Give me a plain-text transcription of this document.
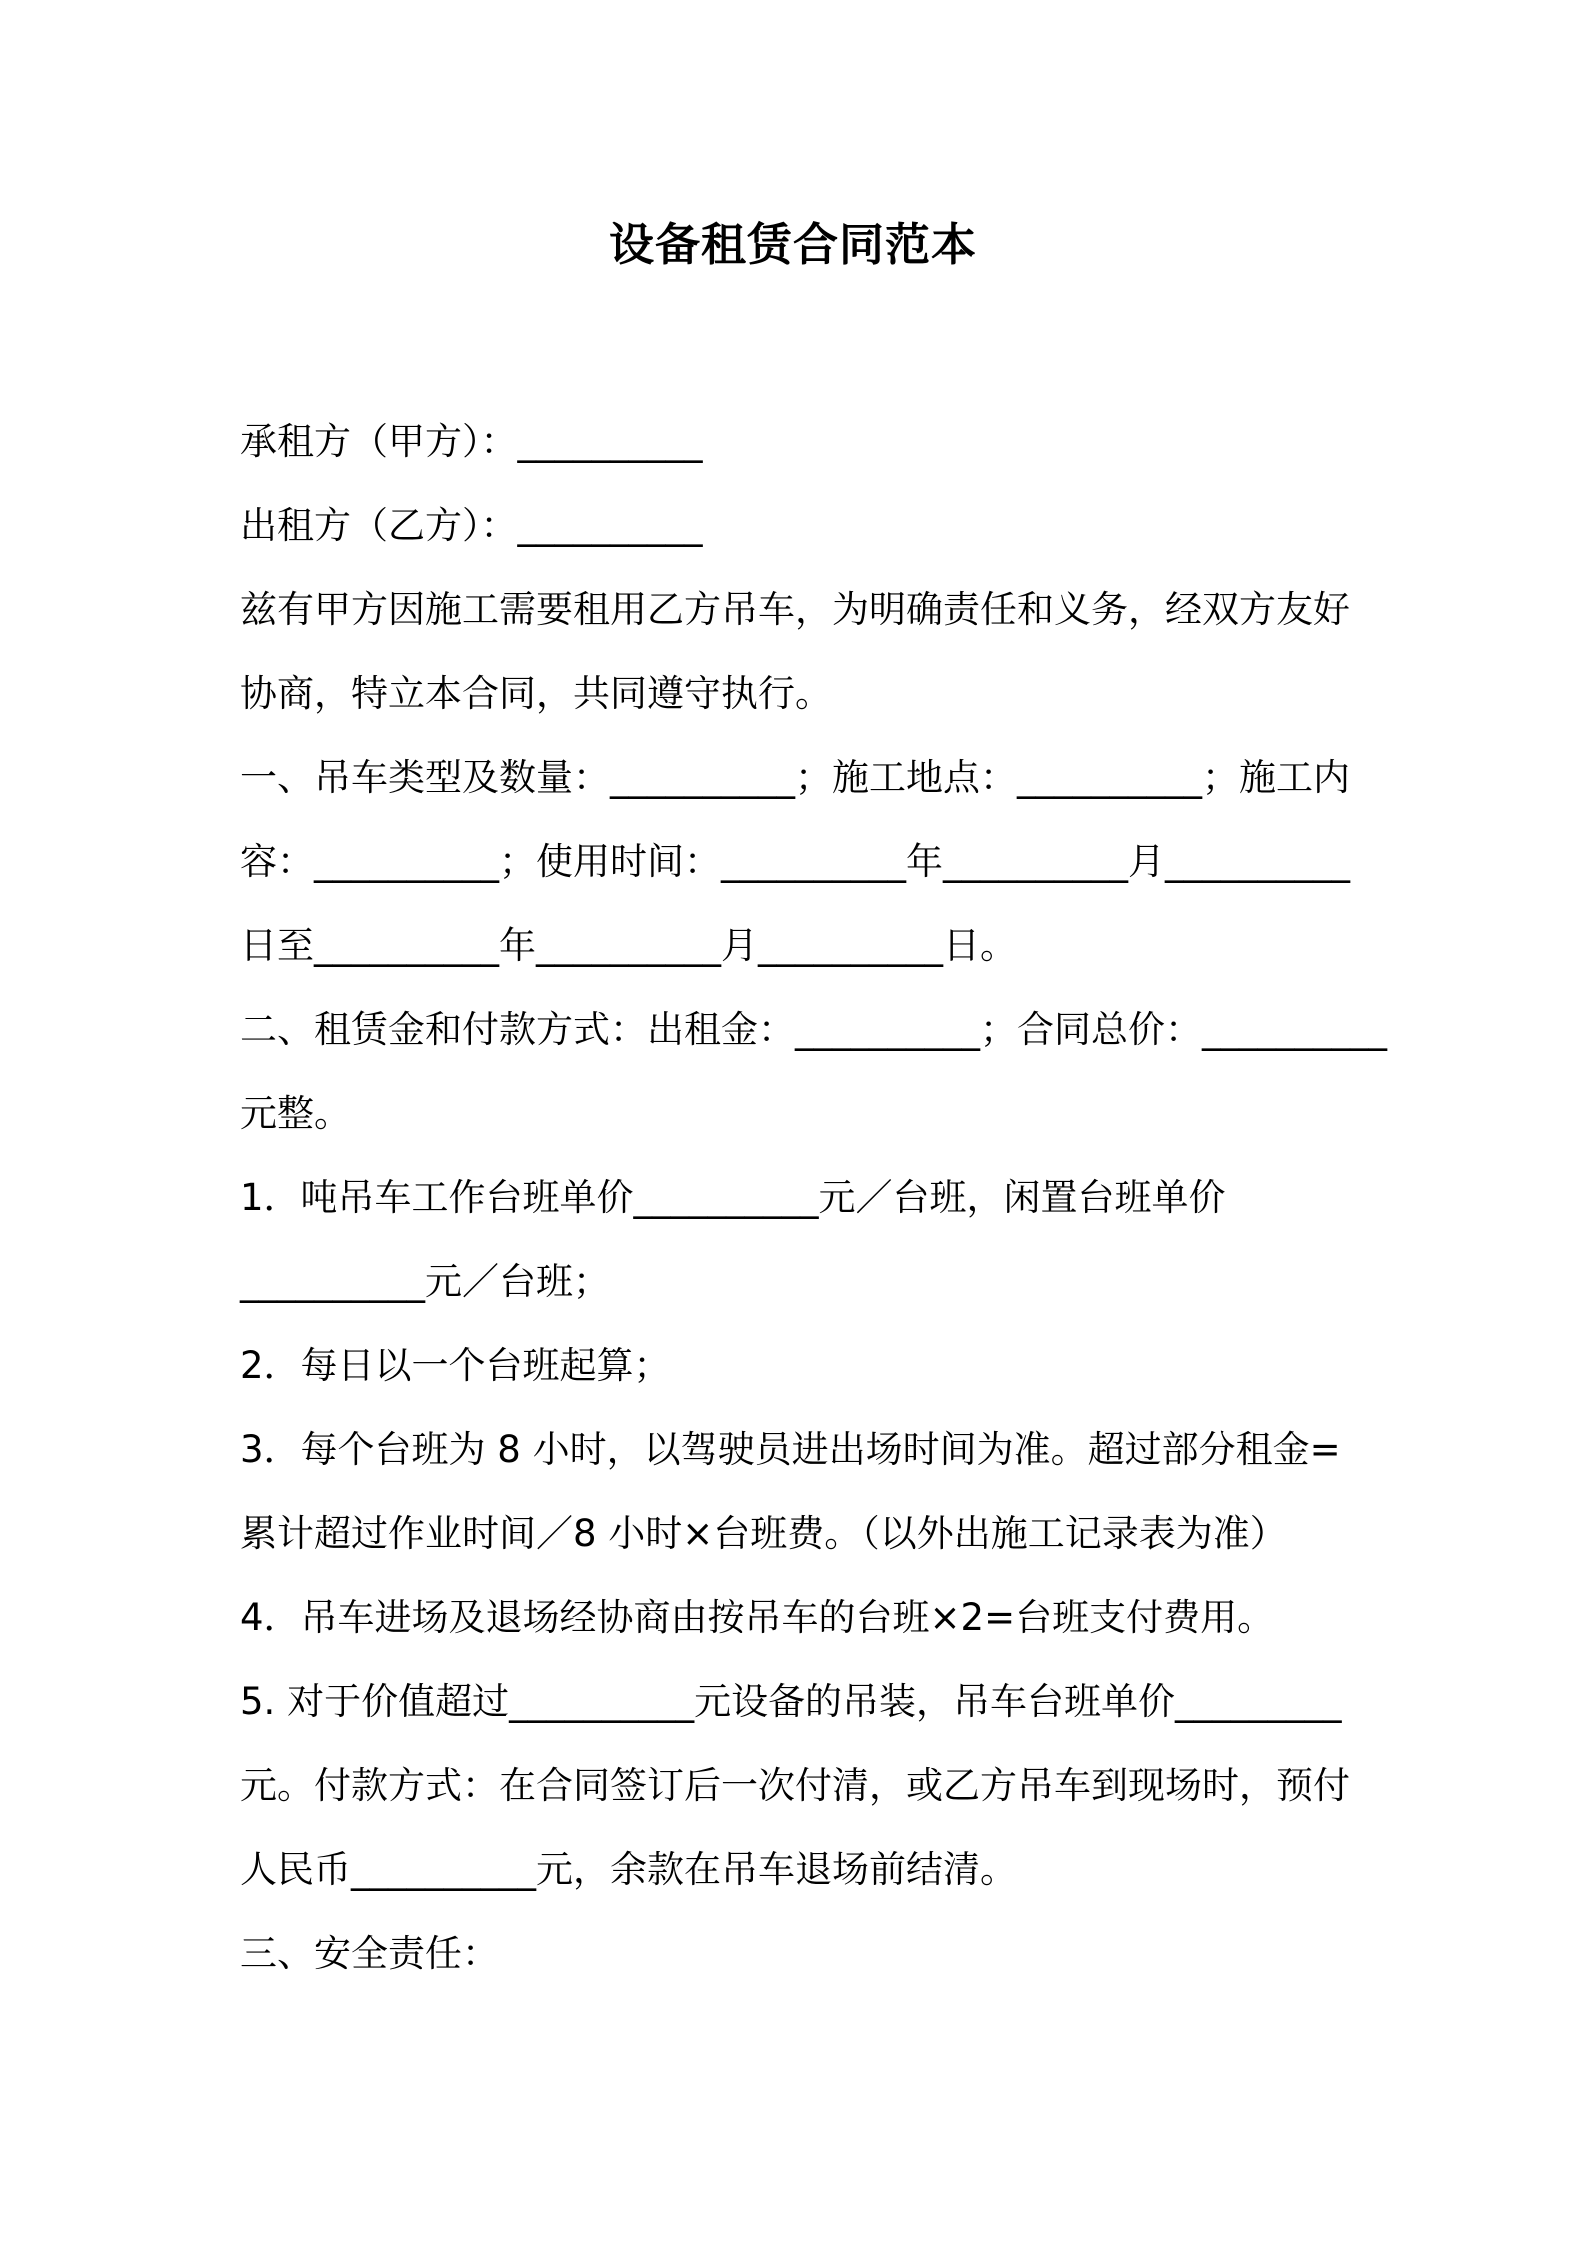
设备租赁合同范本
承租方（甲方）：__________
出租方（乙方）：__________
兹有甲方因施工需要租用乙方吊车，为明确责任和义务，经双方友好
协商，特立本合同，共同遵守执行。
一、吊车类型及数量：__________；施工地点：__________；施工内
容：__________；使用时间：__________年__________月__________
日至__________年__________月__________日。
二、租赁金和付款方式：出租金：__________；合同总价：__________
元整。
1．吨吊车工作台班单价__________元／台班，闲置台班单价
__________元／台班；
2．每日以一个台班起算；
3．每个台班为 8 小时，以驾驶员进出场时间为准。超过部分租金=
累计超过作业时间／8 小时×台班费。（以外出施工记录表为准）
4．吊车进场及退场经协商由按吊车的台班×2=台班支付费用。
5. 对于价值超过__________元设备的吊装，吊车台班单价_________
元。付款方式：在合同签订后一次付清，或乙方吊车到现场时，预付
人民币__________元，余款在吊车退场前结清。
三、安全责任：
